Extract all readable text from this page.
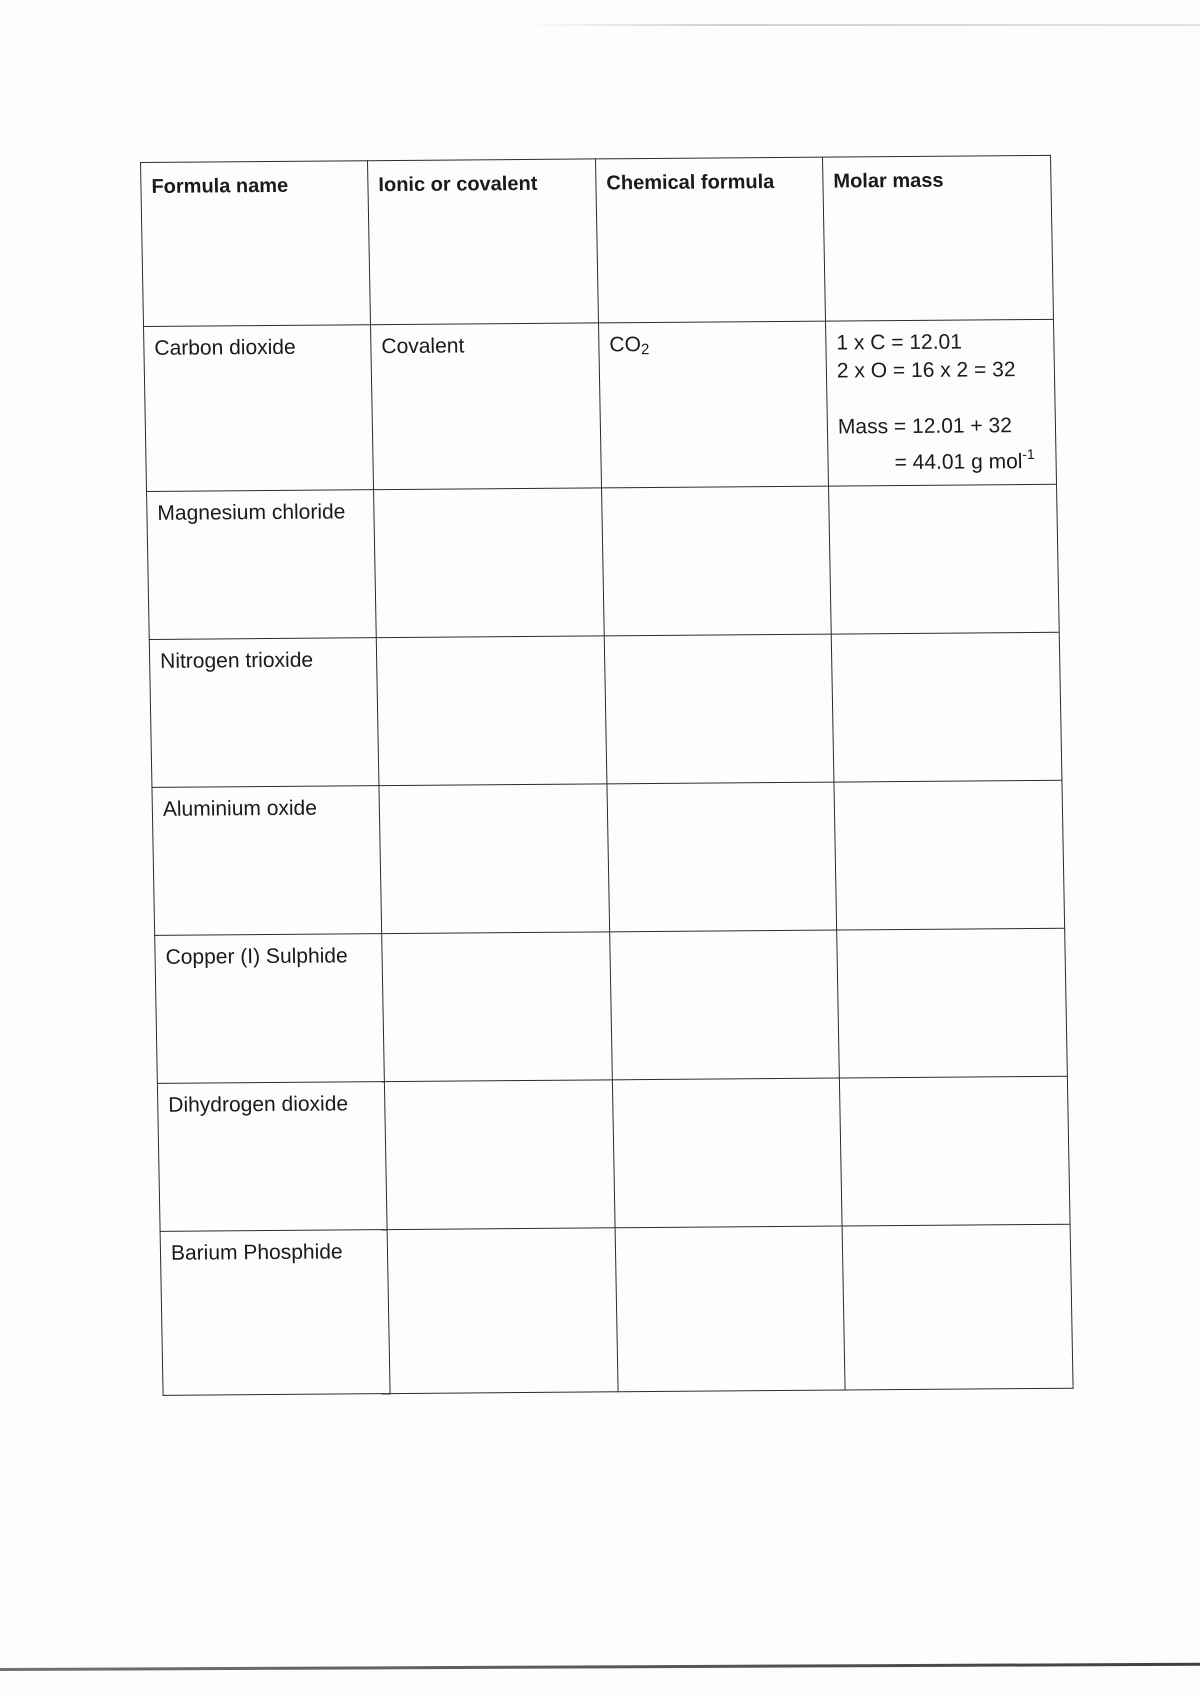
Formula name	Ionic or covalent	Chemical formula	Molar mass
Carbon dioxide	Covalent	$CO_2$	1 x C = 12.01
2 x O = 16 x 2 = 32
Mass = 12.01 + 32
= 44.01 g mol$^{-1}$

Magnesium chloride			
Nitrogen trioxide			
Aluminium oxide			
Copper (I) Sulphide			
Dihydrogen dioxide			
Barium Phosphide			
